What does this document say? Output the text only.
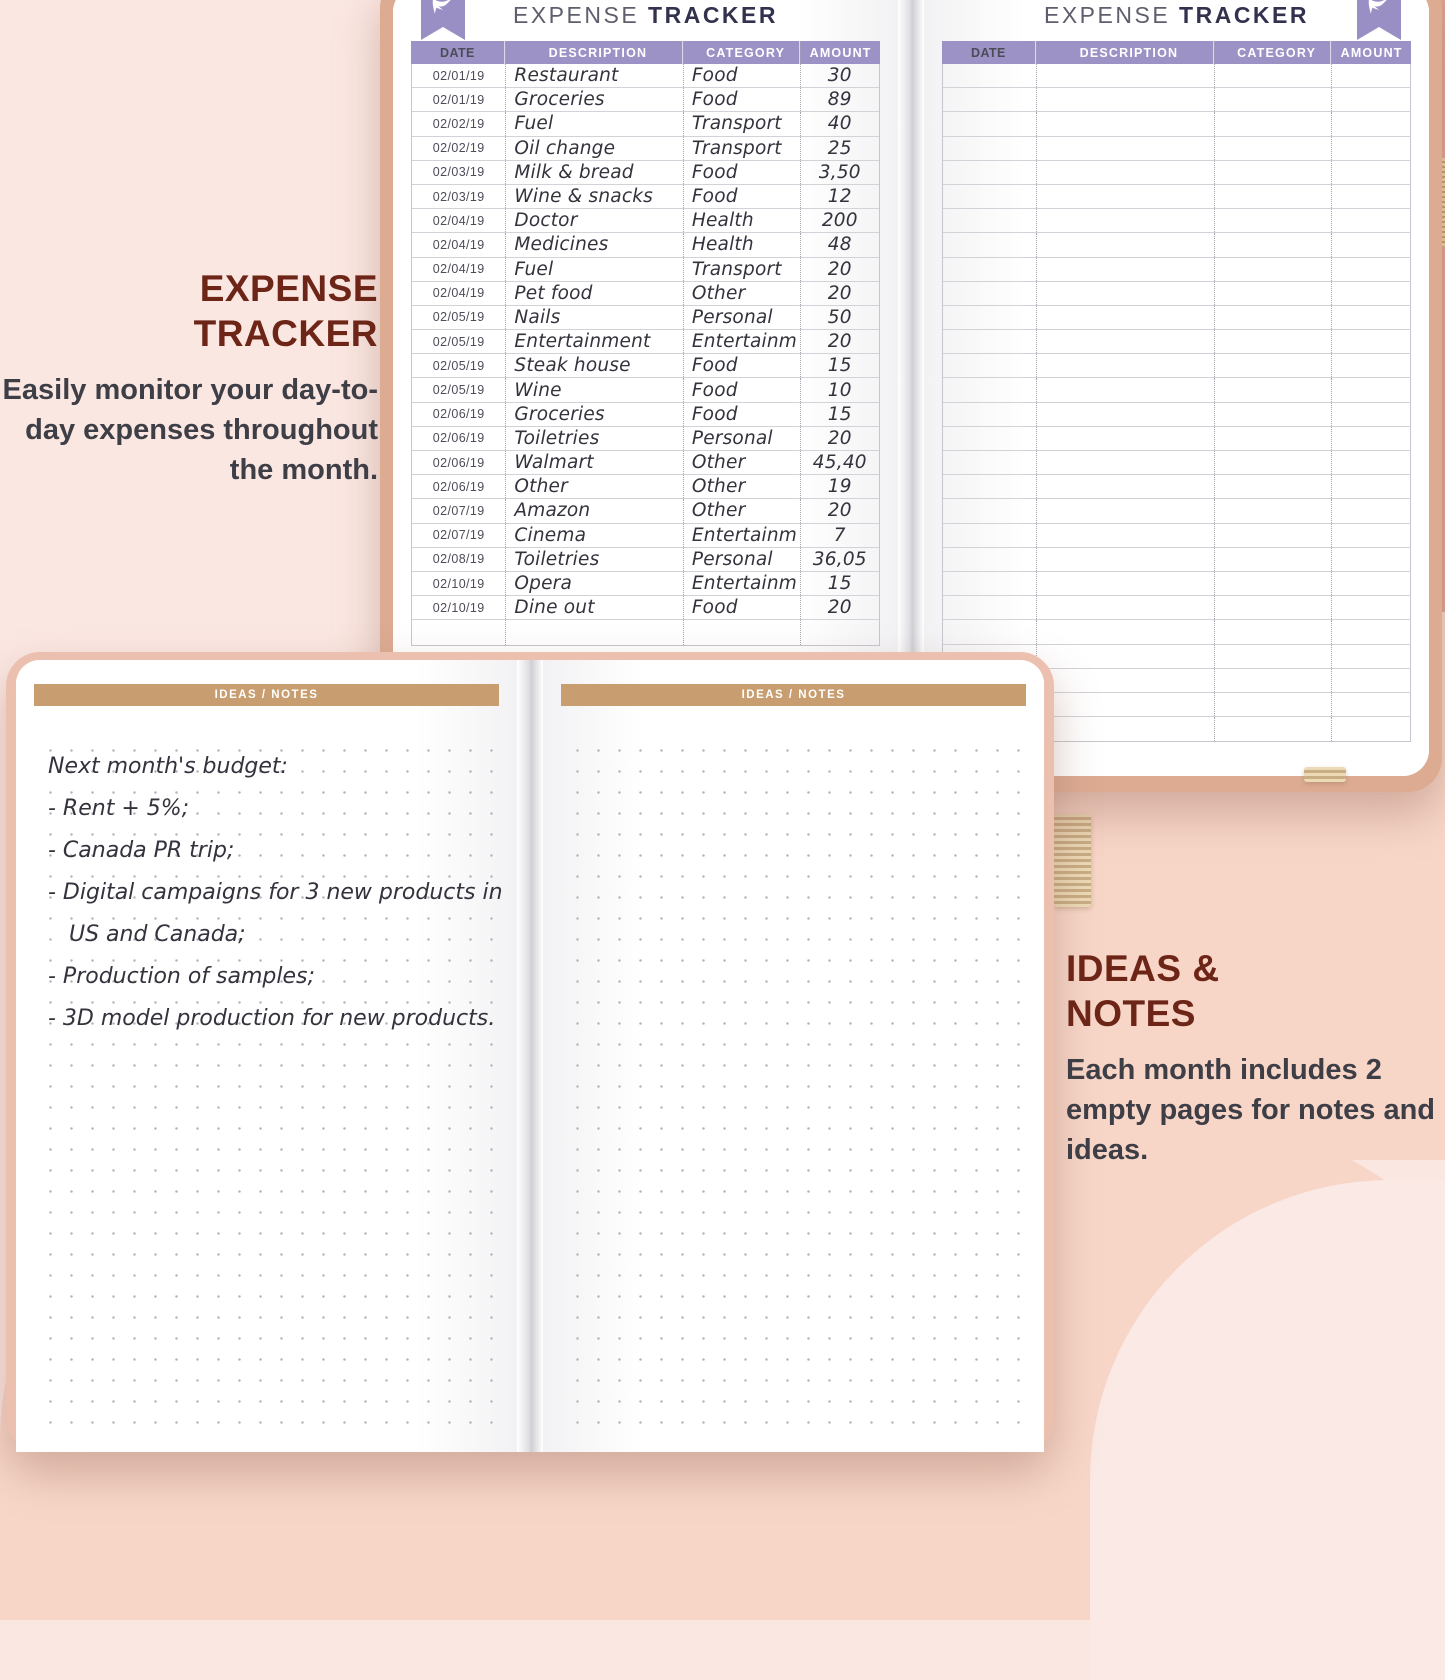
EXPENSE TRACKER
DATE	DESCRIPTION	CATEGORY	AMOUNT
02/01/19	Restaurant	Food	30
02/01/19	Groceries	Food	89
02/02/19	Fuel	Transport	40
02/02/19	Oil change	Transport	25
02/03/19	Milk & bread	Food	3,50
02/03/19	Wine & snacks	Food	12
02/04/19	Doctor	Health	200
02/04/19	Medicines	Health	48
02/04/19	Fuel	Transport	20
02/04/19	Pet food	Other	20
02/05/19	Nails	Personal	50
02/05/19	Entertainment	Entertainm	20
02/05/19	Steak house	Food	15
02/05/19	Wine	Food	10
02/06/19	Groceries	Food	15
02/06/19	Toiletries	Personal	20
02/06/19	Walmart	Other	45,40
02/06/19	Other	Other	19
02/07/19	Amazon	Other	20
02/07/19	Cinema	Entertainm	7
02/08/19	Toiletries	Personal	36,05
02/10/19	Opera	Entertainm	15
02/10/19	Dine out	Food	20
EXPENSE TRACKER
DATE	DESCRIPTION	CATEGORY	AMOUNT
IDEAS / NOTES
Next month's budget:
- Rent + 5%;
- Canada PR trip;
- Digital campaigns for 3 new products in
US and Canada;
- Production of samples;
- 3D model production for new products.
IDEAS / NOTES
EXPENSE TRACKER

Easily monitor your day-to-day expenses throughout the month.

IDEAS & NOTES

Each month includes 2 empty pages for notes and ideas.
